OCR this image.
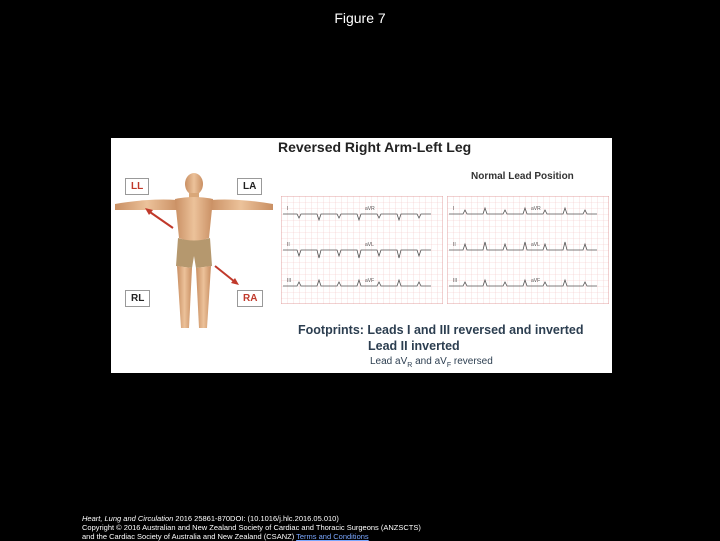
Figure 7
Reversed Right Arm-Left Leg
LL	LA
RL	RA
Normal Lead Position
I
II
III
aVR
aVL
aVF
I
II
III
aVR
aVL
aVF
Footprints: Leads I and III reversed and inverted
Lead II inverted
Lead $aV_R$ and $aV_F$ reversed
Heart, Lung and Circulation 2016 25861-870DOI: (10.1016/j.hlc.2016.05.010)
Copyright © 2016 Australian and New Zealand Society of Cardiac and Thoracic Surgeons (ANZSCTS)
and the Cardiac Society of Australia and New Zealand (CSANZ) Terms and Conditions
